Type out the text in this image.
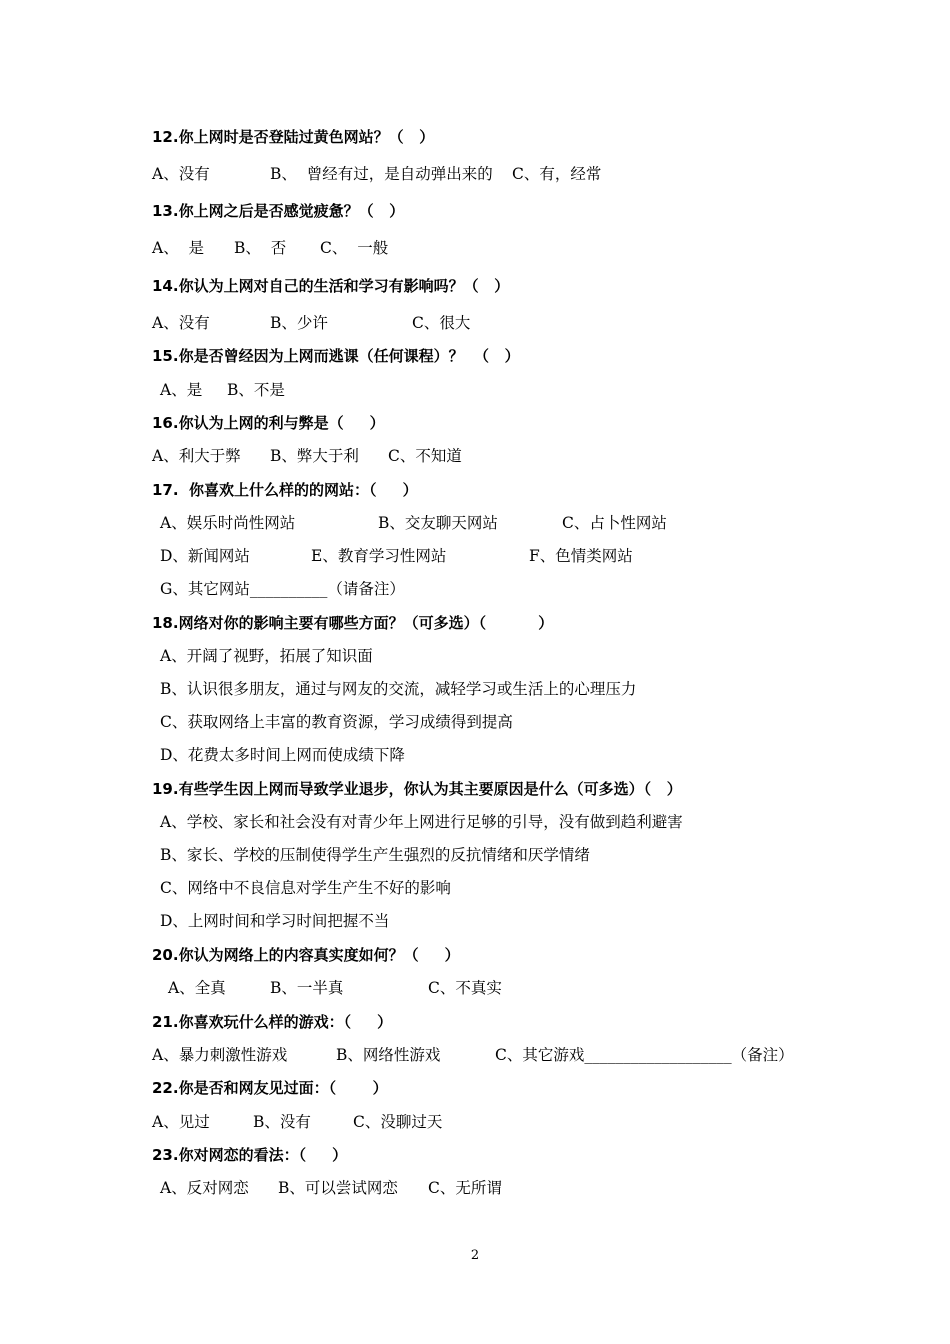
12.你上网时是否登陆过黄色网站？（   ）
A、没有	B、  曾经有过，是自动弹出来的 C、有，经常
13.你上网之后是否感觉疲惫？（   ）
A、  是 B、  否 C、  一般
14.你认为上网对自己的生活和学习有影响吗？（   ）
A、没有	B、少许	C、很大
15.你是否曾经因为上网而逃课（任何课程）？  （   ）
A、是 B、不是
16.你认为上网的利与弊是（     ）
A、利大于弊 B、弊大于利 C、不知道
17.  你喜欢上什么样的的网站：（     ）
A、娱乐时尚性网站	B、交友聊天网站	C、占卜性网站
D、新闻网站	E、教育学习性网站	F、色情类网站
G、其它网站__________（请备注）
18.网络对你的影响主要有哪些方面？（可多选）（          ）
A、开阔了视野，拓展了知识面
B、认识很多朋友，通过与网友的交流，减轻学习或生活上的心理压力
C、获取网络上丰富的教育资源，学习成绩得到提高
D、花费太多时间上网而使成绩下降
19.有些学生因上网而导致学业退步，你认为其主要原因是什么（可多选）（   ）
A、学校、家长和社会没有对青少年上网进行足够的引导，没有做到趋利避害
B、家长、学校的压制使得学生产生强烈的反抗情绪和厌学情绪
C、网络中不良信息对学生产生不好的影响
D、上网时间和学习时间把握不当
20.你认为网络上的内容真实度如何？（     ）
A、全真	B、一半真	C、不真实
21.你喜欢玩什么样的游戏：（     ）
A、暴力刺激性游戏	B、网络性游戏	C、其它游戏___________________（备注）
22.你是否和网友见过面：（       ）
A、见过	B、没有	C、没聊过天
23.你对网恋的看法：（     ）
A、反对网恋 B、可以尝试网恋 C、无所谓
2
